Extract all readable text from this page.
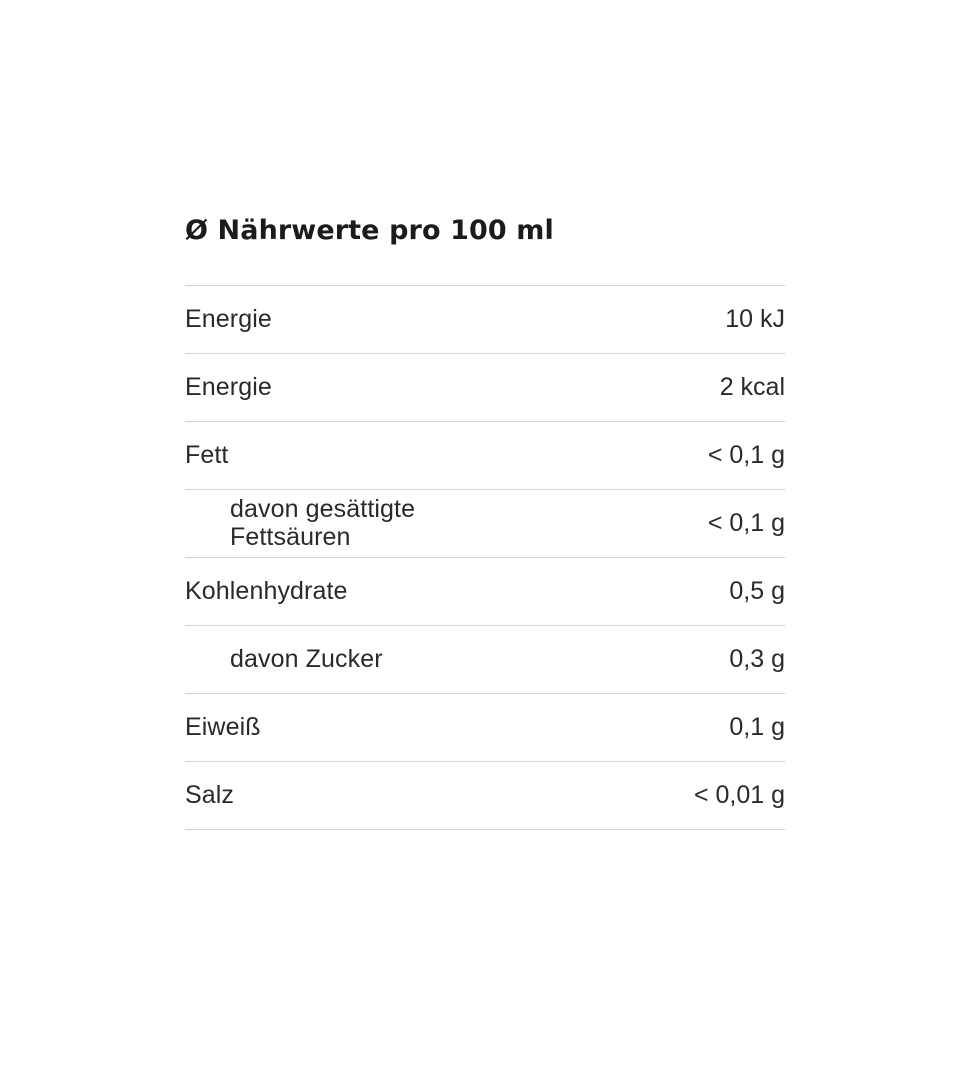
Ø Nährwerte pro 100 ml
Energie	10 kJ
Energie	2 kcal
Fett	< 0,1 g
davon gesättigte Fettsäuren	< 0,1 g
Kohlenhydrate	0,5 g
davon Zucker	0,3 g
Eiweiß	0,1 g
Salz	< 0,01 g
